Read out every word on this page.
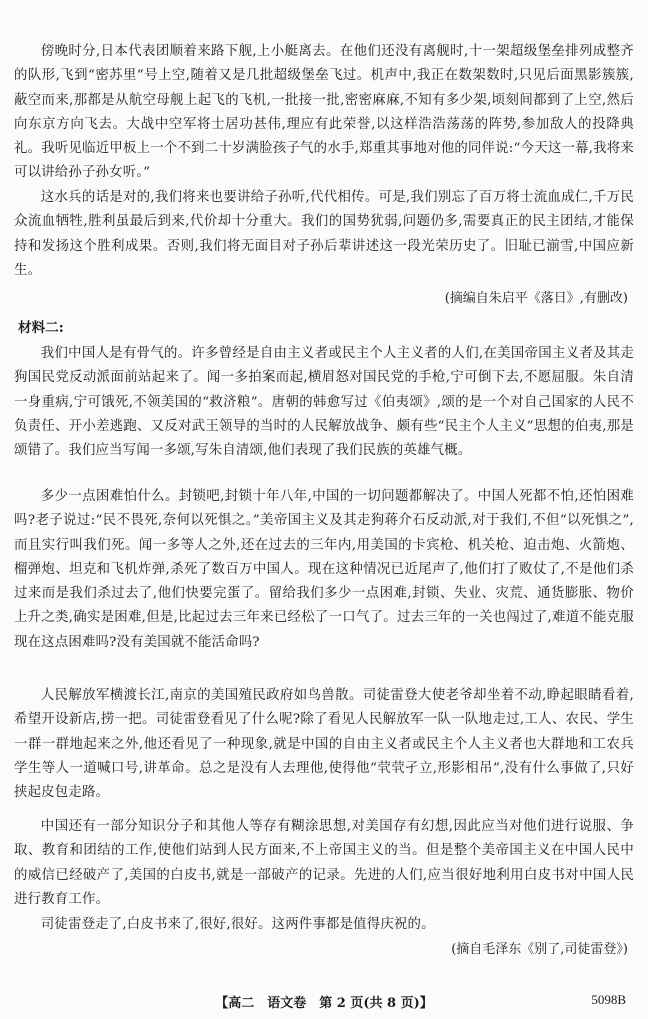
傍晚时分,日本代表团顺着来路下舰,上小艇离去。在他们还没有离舰时,十一架超级堡垒排列成整齐的队形,飞到“密苏里”号上空,随着又是几批超级堡垒飞过。机声中,我正在数架数时,只见后面黑影簇簇,蔽空而来,那都是从航空母舰上起飞的飞机,一批接一批,密密麻麻,不知有多少架,顷刻间都到了上空,然后向东京方向飞去。大战中空军将士居功甚伟,理应有此荣誉,以这样浩浩荡荡的阵势,参加敌人的投降典礼。我听见临近甲板上一个不到二十岁满脸孩子气的水手,郑重其事地对他的同伴说:“今天这一幕,我将来可以讲给孙子孙女听。”

这水兵的话是对的,我们将来也要讲给子孙听,代代相传。可是,我们别忘了百万将士流血成仁,千万民众流血牺牲,胜利虽最后到来,代价却十分重大。我们的国势犹弱,问题仍多,需要真正的民主团结,才能保持和发扬这个胜利成果。否则,我们将无面目对子孙后辈讲述这一段光荣历史了。旧耻已湔雪,中国应新生。

(摘编自朱启平《落日》,有删改)

材料二:

我们中国人是有骨气的。许多曾经是自由主义者或民主个人主义者的人们,在美国帝国主义者及其走狗国民党反动派面前站起来了。闻一多拍案而起,横眉怒对国民党的手枪,宁可倒下去,不愿屈服。朱自清一身重病,宁可饿死,不领美国的“救济粮”。唐朝的韩愈写过《伯夷颂》,颂的是一个对自己国家的人民不负责任、开小差逃跑、又反对武王领导的当时的人民解放战争、颇有些“民主个人主义”思想的伯夷,那是颂错了。我们应当写闻一多颂,写朱自清颂,他们表现了我们民族的英雄气概。

多少一点困难怕什么。封锁吧,封锁十年八年,中国的一切问题都解决了。中国人死都不怕,还怕困难吗?老子说过:“民不畏死,奈何以死惧之。”美帝国主义及其走狗蒋介石反动派,对于我们,不但“以死惧之”,而且实行叫我们死。闻一多等人之外,还在过去的三年内,用美国的卡宾枪、机关枪、迫击炮、火箭炮、榴弹炮、坦克和飞机炸弹,杀死了数百万中国人。现在这种情况已近尾声了,他们打了败仗了,不是他们杀过来而是我们杀过去了,他们快要完蛋了。留给我们多少一点困难,封锁、失业、灾荒、通货膨胀、物价上升之类,确实是困难,但是,比起过去三年来已经松了一口气了。过去三年的一关也闯过了,难道不能克服现在这点困难吗?没有美国就不能活命吗?

人民解放军横渡长江,南京的美国殖民政府如鸟兽散。司徒雷登大使老爷却坐着不动,睁起眼睛看着,希望开设新店,捞一把。司徒雷登看见了什么呢?除了看见人民解放军一队一队地走过,工人、农民、学生一群一群地起来之外,他还看见了一种现象,就是中国的自由主义者或民主个人主义者也大群地和工农兵学生等人一道喊口号,讲革命。总之是没有人去理他,使得他“茕茕孑立,形影相吊”,没有什么事做了,只好挟起皮包走路。

中国还有一部分知识分子和其他人等存有糊涂思想,对美国存有幻想,因此应当对他们进行说服、争取、教育和团结的工作,使他们站到人民方面来,不上帝国主义的当。但是整个美帝国主义在中国人民中的威信已经破产了,美国的白皮书,就是一部破产的记录。先进的人们,应当很好地利用白皮书对中国人民进行教育工作。

司徒雷登走了,白皮书来了,很好,很好。这两件事都是值得庆祝的。

(摘自毛泽东《别了,司徒雷登》)

【高二　语文卷　第 2 页(共 8 页)】	5098B
